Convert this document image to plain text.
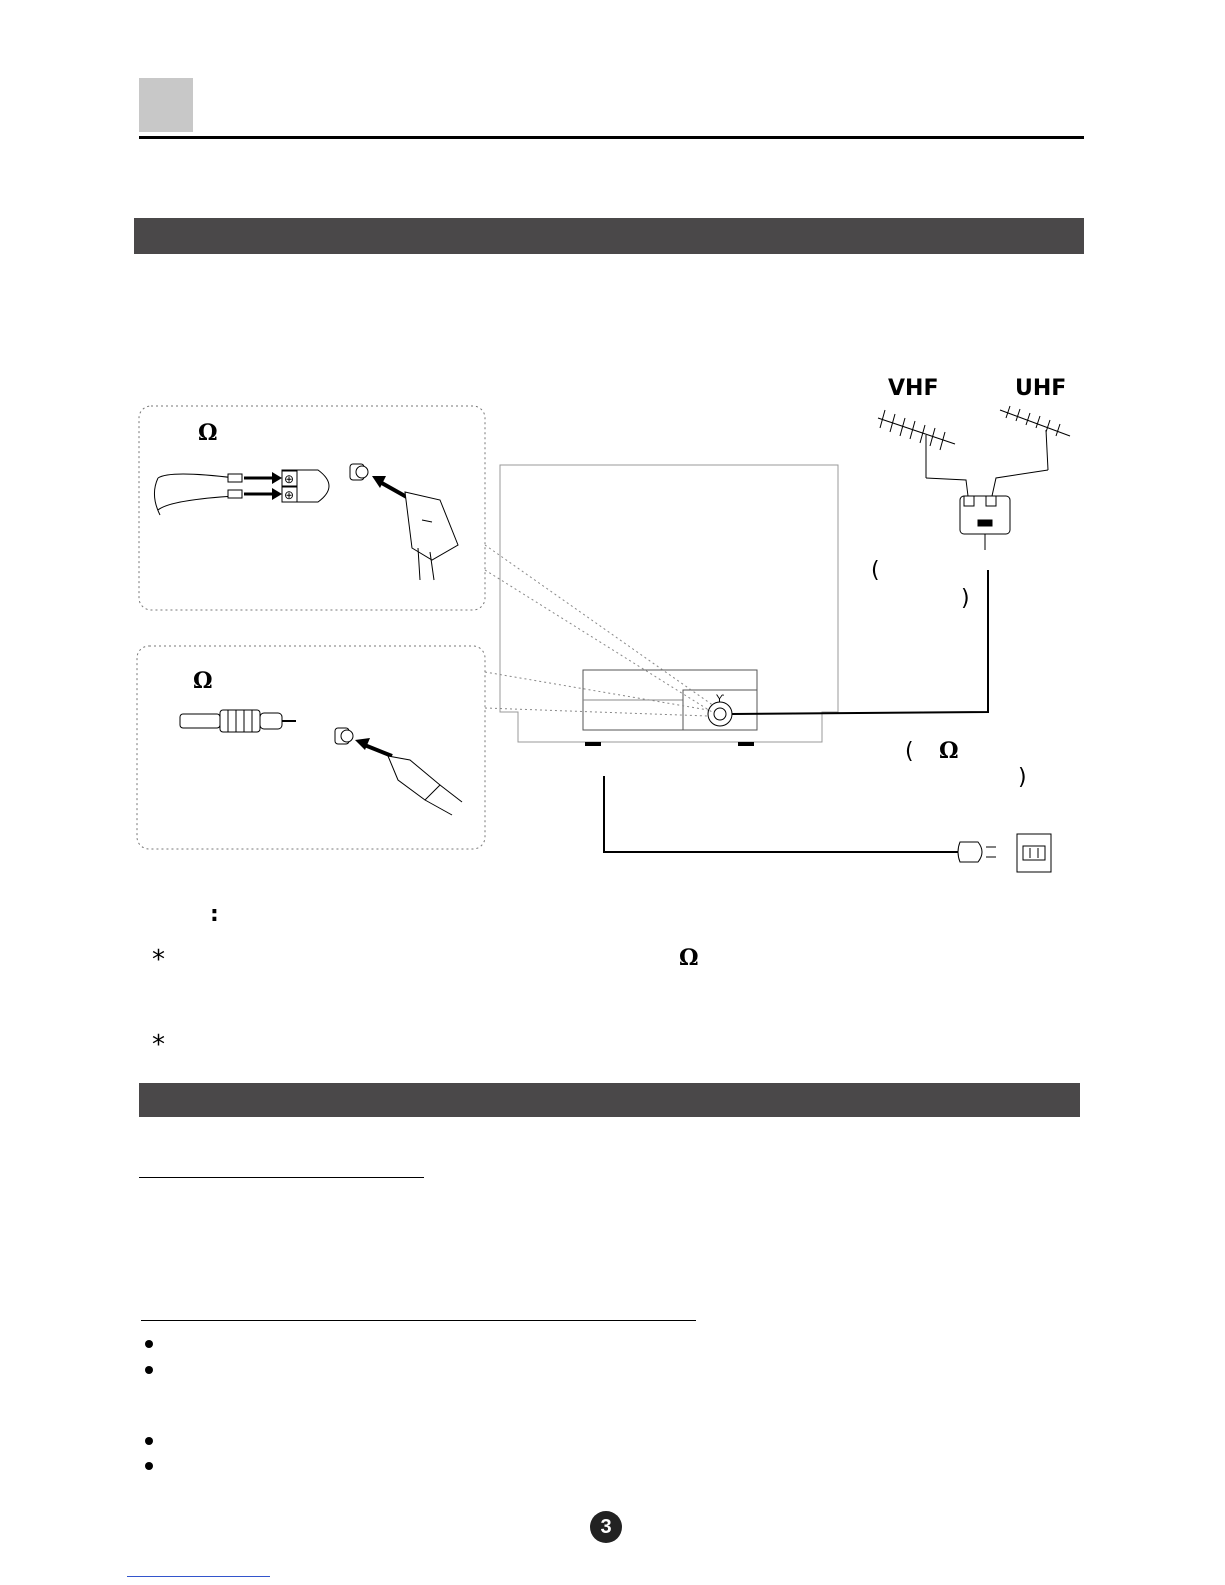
⊕
⊕
ϒ
VHF	UHF
Ω
Ω
Ω
(
)
(
)
:
*	Ω
*
3
